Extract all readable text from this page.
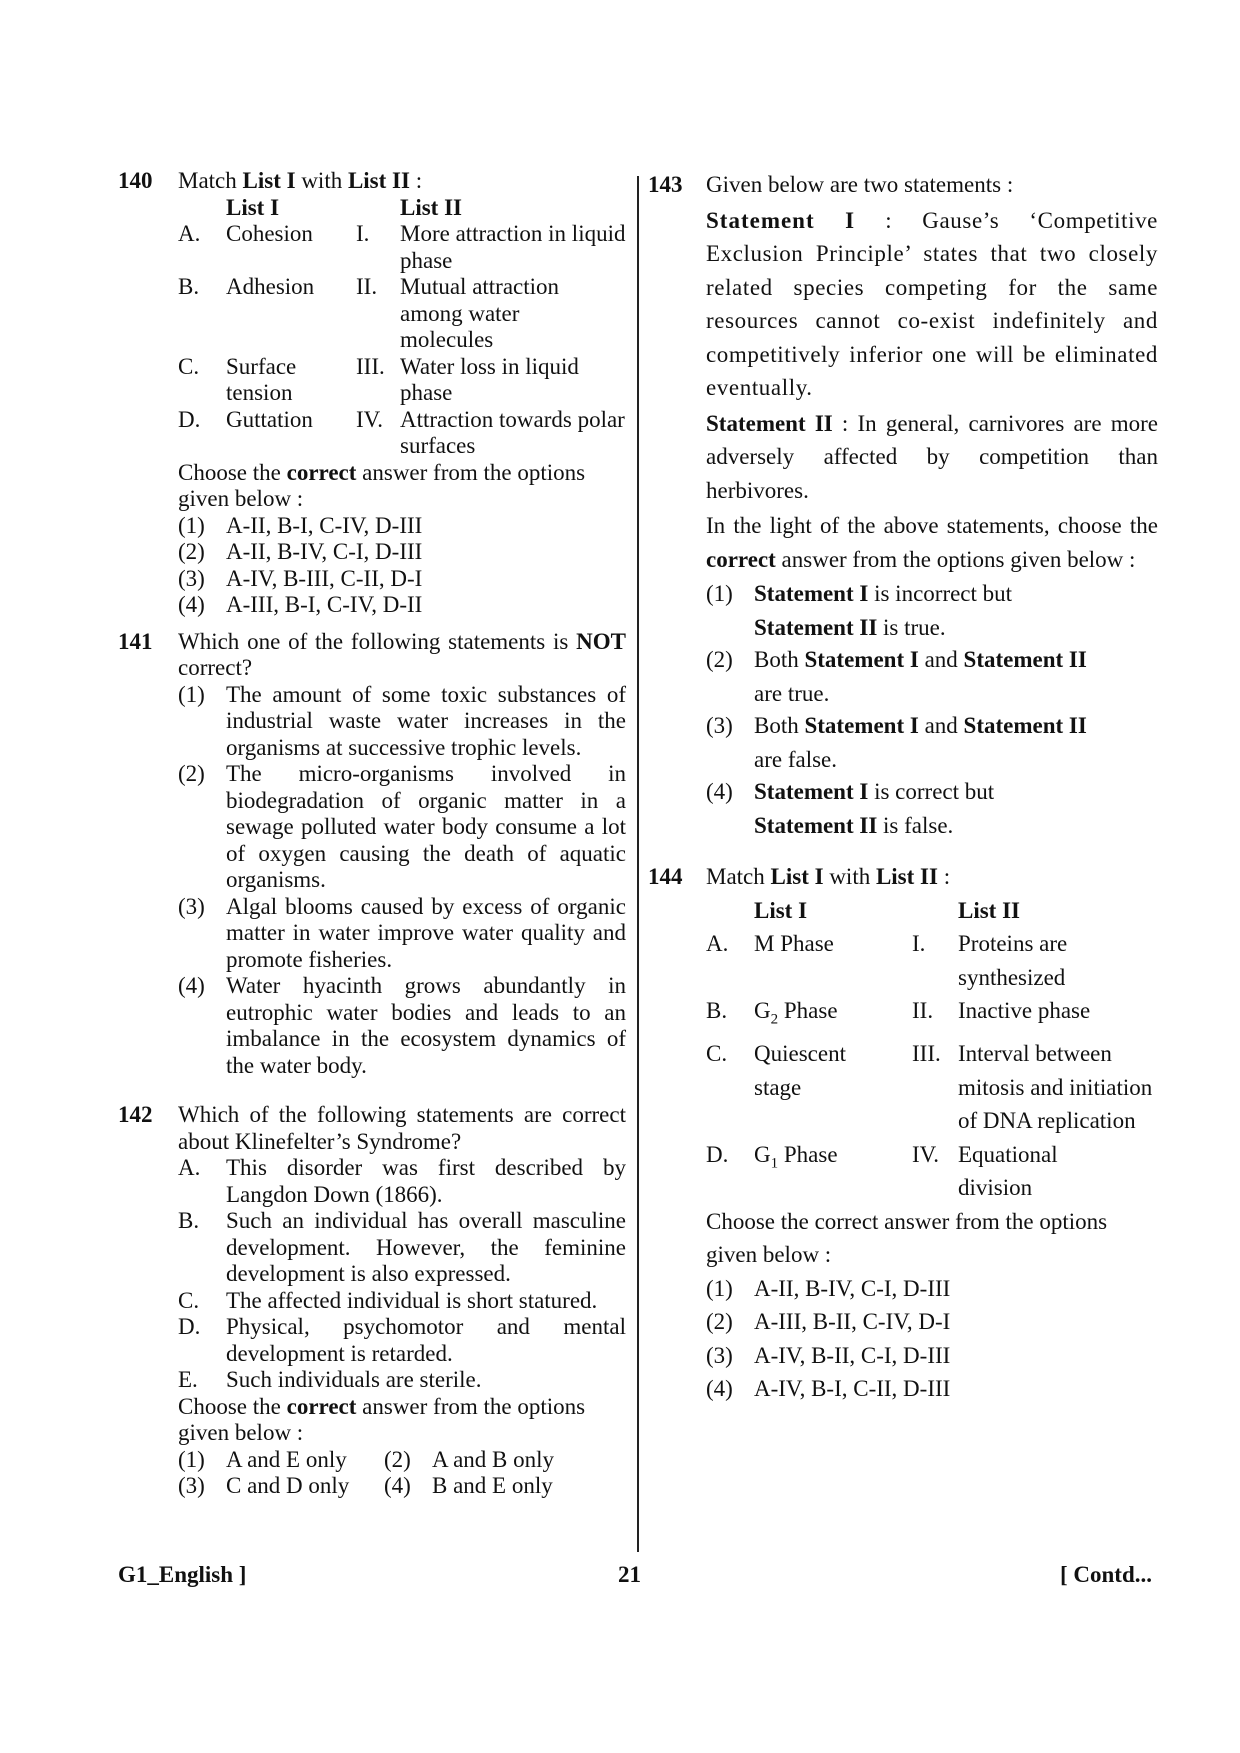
140 Match List I with List II :
	List I		List II
A.	Cohesion	I.	More attraction in liquid phase
B.	Adhesion	II.	Mutual attraction among water molecules
C.	Surface tension	III.	Water loss in liquid phase
D.	Guttation	IV.	Attraction towards polar surfaces
Choose the correct answer from the options given below :
(1) A-II, B-I, C-IV, D-III
(2) A-II, B-IV, C-I, D-III
(3) A-IV, B-III, C-II, D-I
(4) A-III, B-I, C-IV, D-II
141 Which one of the following statements is NOT correct?
(1) The amount of some toxic substances of industrial waste water increases in the organisms at successive trophic levels.
(2) The micro-organisms involved in biodegradation of organic matter in a sewage polluted water body consume a lot of oxygen causing the death of aquatic organisms.
(3) Algal blooms caused by excess of organic matter in water improve water quality and promote fisheries.
(4) Water hyacinth grows abundantly in eutrophic water bodies and leads to an imbalance in the ecosystem dynamics of the water body.
142 Which of the following statements are correct about Klinefelter’s Syndrome?
A.	This disorder was first described by Langdon Down (1866).
B.	Such an individual has overall masculine development. However, the feminine development is also expressed.
C.	The affected individual is short statured.
D.	Physical, psychomotor and mental development is retarded.
E.	Such individuals are sterile.
Choose the correct answer from the options given below :
(1) A and E only (2) A and B only
(3) C and D only (4) B and E only
143 Given below are two statements :
Statement I : Gause’s ‘Competitive Exclusion Principle’ states that two closely related species competing for the same resources cannot co-exist indefinitely and competitively inferior one will be eliminated eventually.
Statement II : In general, carnivores are more adversely affected by competition than herbivores.
In the light of the above statements, choose the correct answer from the options given below :
(1) Statement I is incorrect but
Statement II is true.
(2) Both Statement I and Statement II
are true.
(3) Both Statement I and Statement II
are false.
(4) Statement I is correct but
Statement II is false.
144 Match List I with List II :
	List I		List II
A.	M Phase	I.	Proteins are synthesized
B.	$G_2$ Phase	II.	Inactive phase
C.	Quiescent stage	III.	Interval between mitosis and initiation of DNA replication
D.	$G_1$ Phase	IV.	Equational division
Choose the correct answer from the options given below :
(1) A-II, B-IV, C-I, D-III
(2) A-III, B-II, C-IV, D-I
(3) A-IV, B-II, C-I, D-III
(4) A-IV, B-I, C-II, D-III
G1_English ]	21	[ Contd...
